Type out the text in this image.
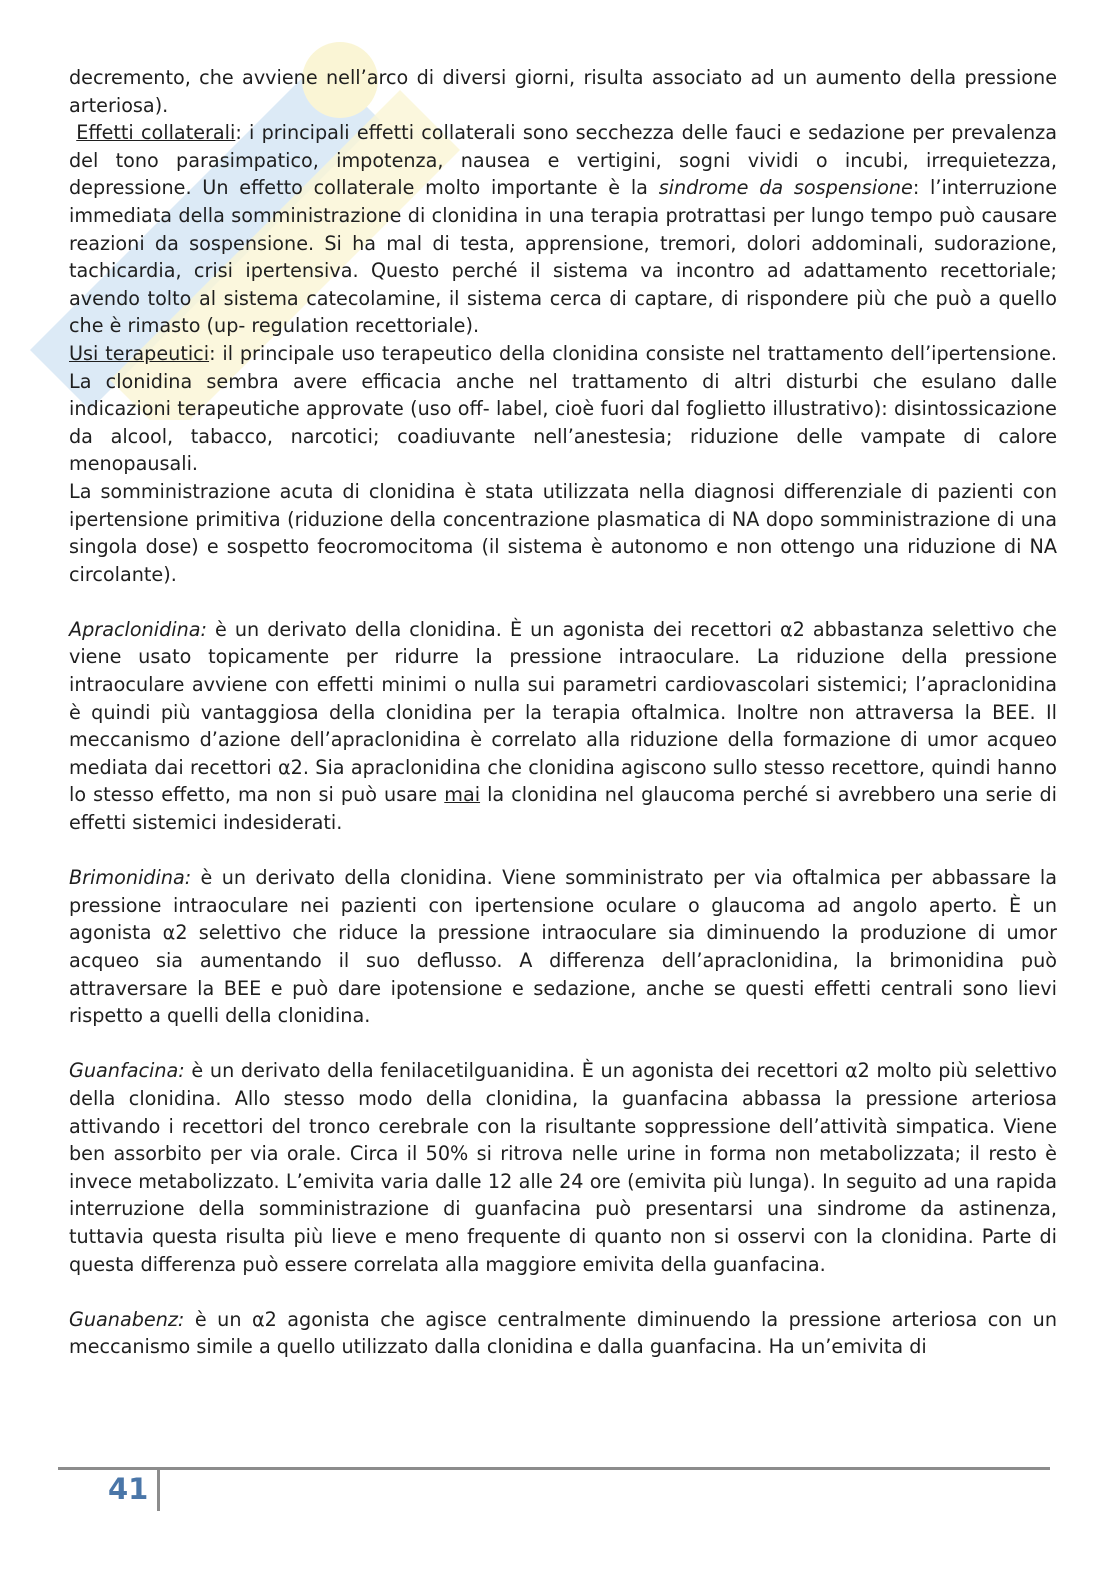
decremento, che avviene nell’arco di diversi giorni, risulta associato ad un aumento della pressione arteriosa).

Effetti collaterali: i principali effetti collaterali sono secchezza delle fauci e sedazione per prevalenza del tono parasimpatico, impotenza, nausea e vertigini, sogni vividi o incubi, irrequietezza, depressione. Un effetto collaterale molto importante è la sindrome da sospensione: l’interruzione immediata della somministrazione di clonidina in una terapia protrattasi per lungo tempo può causare reazioni da sospensione. Si ha mal di testa, apprensione, tremori, dolori addominali, sudorazione, tachicardia, crisi ipertensiva. Questo perché il sistema va incontro ad adattamento recettoriale; avendo tolto al sistema catecolamine, il sistema cerca di captare, di rispondere più che può a quello che è rimasto (up- regulation recettoriale).

Usi terapeutici: il principale uso terapeutico della clonidina consiste nel trattamento dell’ipertensione. La clonidina sembra avere efficacia anche nel trattamento di altri disturbi che esulano dalle indicazioni terapeutiche approvate (uso off- label, cioè fuori dal foglietto illustrativo): disintossicazione da alcool, tabacco, narcotici; coadiuvante nell’anestesia; riduzione delle vampate di calore menopausali.

La somministrazione acuta di clonidina è stata utilizzata nella diagnosi differenziale di pazienti con ipertensione primitiva (riduzione della concentrazione plasmatica di NA dopo somministrazione di una singola dose) e sospetto feocromocitoma (il sistema è autonomo e non ottengo una riduzione di NA circolante).

Apraclonidina: è un derivato della clonidina. È un agonista dei recettori α2 abbastanza selettivo che viene usato topicamente per ridurre la pressione intraoculare. La riduzione della pressione intraoculare avviene con effetti minimi o nulla sui parametri cardiovascolari sistemici; l’apraclonidina è quindi più vantaggiosa della clonidina per la terapia oftalmica. Inoltre non attraversa la BEE. Il meccanismo d’azione dell’apraclonidina è correlato alla riduzione della formazione di umor acqueo mediata dai recettori α2. Sia apraclonidina che clonidina agiscono sullo stesso recettore, quindi hanno lo stesso effetto, ma non si può usare mai la clonidina nel glaucoma perché si avrebbero una serie di effetti sistemici indesiderati.

Brimonidina: è un derivato della clonidina. Viene somministrato per via oftalmica per abbassare la pressione intraoculare nei pazienti con ipertensione oculare o glaucoma ad angolo aperto. È un agonista α2 selettivo che riduce la pressione intraoculare sia diminuendo la produzione di umor acqueo sia aumentando il suo deflusso. A differenza dell’apraclonidina, la brimonidina può attraversare la BEE e può dare ipotensione e sedazione, anche se questi effetti centrali sono lievi rispetto a quelli della clonidina.

Guanfacina: è un derivato della fenilacetilguanidina. È un agonista dei recettori α2 molto più selettivo della clonidina. Allo stesso modo della clonidina, la guanfacina abbassa la pressione arteriosa attivando i recettori del tronco cerebrale con la risultante soppressione dell’attività simpatica. Viene ben assorbito per via orale. Circa il 50% si ritrova nelle urine in forma non metabolizzata; il resto è invece metabolizzato. L’emivita varia dalle 12 alle 24 ore (emivita più lunga). In seguito ad una rapida interruzione della somministrazione di guanfacina può presentarsi una sindrome da astinenza, tuttavia questa risulta più lieve e meno frequente di quanto non si osservi con la clonidina. Parte di questa differenza può essere correlata alla maggiore emivita della guanfacina.

Guanabenz: è un α2 agonista che agisce centralmente diminuendo la pressione arteriosa con un meccanismo simile a quello utilizzato dalla clonidina e dalla guanfacina. Ha un’emivita di

41
